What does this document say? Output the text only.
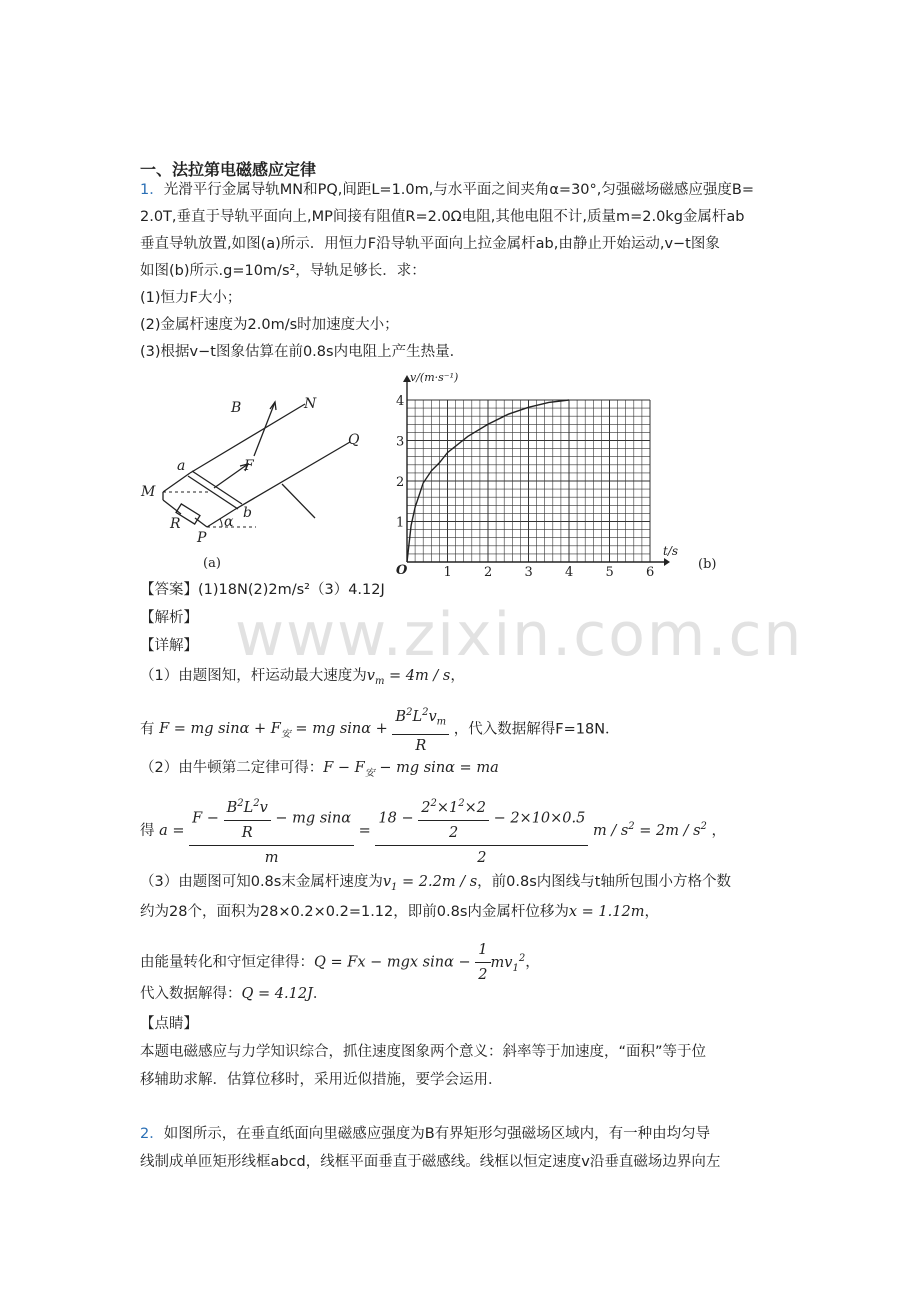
一、法拉第电磁感应定律
1．光滑平行金属导轨MN和PQ,间距L=1.0m,与水平面之间夹角α=30°,匀强磁场磁感应强度B=
2.0T,垂直于导轨平面向上,MP间接有阻值R=2.0Ω电阻,其他电阻不计,质量m=2.0kg金属杆ab
垂直导轨放置,如图(a)所示．用恒力F沿导轨平面向上拉金属杆ab,由静止开始运动,v−t图象
如图(b)所示.g=10m/s²，导轨足够长．求：
(1)恒力F大小；
(2)金属杆速度为2.0m/s时加速度大小；
(3)根据v−t图象估算在前0.8s内电阻上产生热量．
B	N
Q
a	F
M
b
R	α
P
(a)
1 2 3 4 5 6
1
2
3
4
O
v/(m·s⁻¹)
t/s
(b)
【答案】(1)18N(2)2m/s²（3）4.12J
【解析】
【详解】 www.zixin.com.cn
（1）由题图知，杆运动最大速度为$v_m = 4m / s$，
有 F = mg $\sin\alpha + F_安$ = mg $\sin\alpha + \frac{B^2L^2v_m}{R}$ ，代入数据解得F=18N．
（2）由牛顿第二定律可得：$F - F_安$ − mg sinα = ma
得 $a = \frac{F - \frac{B^2L^2v}{R} - mg \sin\alpha}{m} = \frac{18 - \frac{2^2\times 1^2\times 2}{2} - 2\times 10\times 0.5}{2}$ $m / s^2 = 2m / s^2$ ，
（3）由题图可知0.8s末金属杆速度为$v_1 = 2.2m / s$，前0.8s内图线与t轴所包围小方格个数
约为28个，面积为28×0.2×0.2=1.12，即前0.8s内金属杆位移为x = 1.12m，
由能量转化和守恒定律得：Q = Fx − mgx $\sin\alpha - \frac{1}{2} mv_1^2$，
代入数据解得：Q = 4.12J．
【点睛】
本题电磁感应与力学知识综合，抓住速度图象两个意义：斜率等于加速度，“面积”等于位
移辅助求解．估算位移时，采用近似措施，要学会运用．
2．如图所示，在垂直纸面向里磁感应强度为B有界矩形匀强磁场区域内，有一种由均匀导
线制成单匝矩形线框abcd，线框平面垂直于磁感线。线框以恒定速度v沿垂直磁场边界向左
